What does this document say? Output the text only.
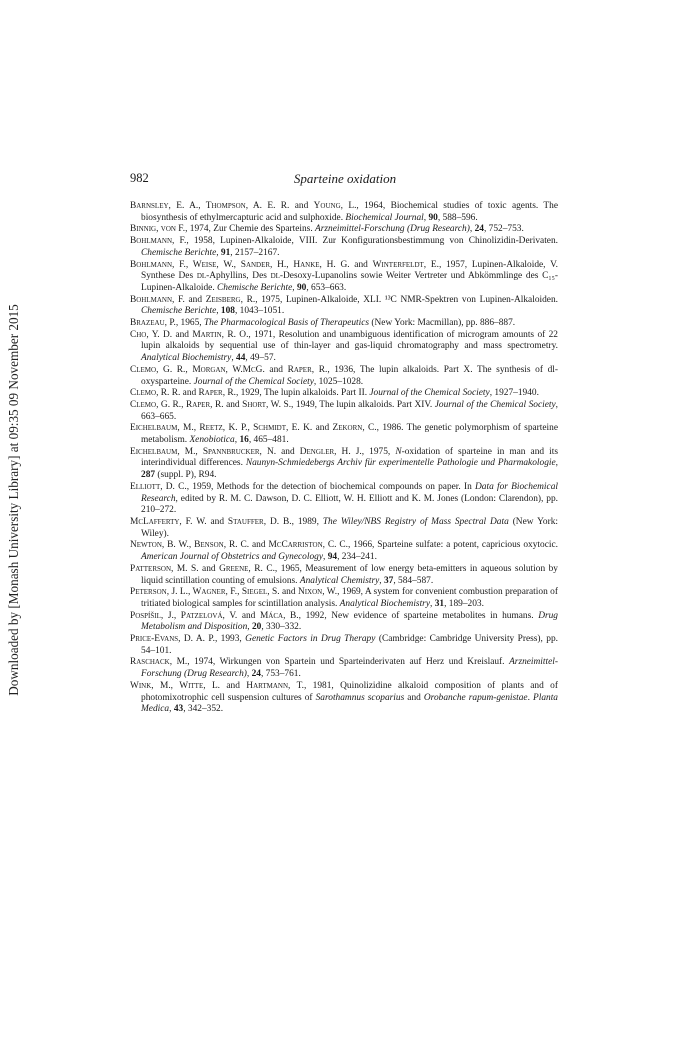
Downloaded by [Monash University Library] at 09:35 09 November 2015
982	Sparteine oxidation

Barnsley, E. A., Thompson, A. E. R. and Young, L., 1964, Biochemical studies of toxic agents. The biosynthesis of ethylmercapturic acid and sulphoxide. Biochemical Journal, 90, 588–596.

Binnig, von F., 1974, Zur Chemie des Sparteins. Arzneimittel-Forschung (Drug Research), 24, 752–753.

Bohlmann, F., 1958, Lupinen-Alkaloide, VIII. Zur Konfigurationsbestimmung von Chinolizidin-Derivaten. Chemische Berichte, 91, 2157–2167.

Bohlmann, F., Weise, W., Sander, H., Hanke, H. G. and Winterfeldt, E., 1957, Lupinen-Alkaloide, V. Synthese Des dl-Aphyllins, Des dl-Desoxy-Lupanolins sowie Weiter Vertreter und Abkömmlinge des C₁₅-Lupinen-Alkaloide. Chemische Berichte, 90, 653–663.

Bohlmann, F. and Zeisberg, R., 1975, Lupinen-Alkaloide, XLI. ¹³C NMR-Spektren von Lupinen-Alkaloiden. Chemische Berichte, 108, 1043–1051.

Brazeau, P., 1965, The Pharmacological Basis of Therapeutics (New York: Macmillan), pp. 886–887.

Cho, Y. D. and Martin, R. O., 1971, Resolution and unambiguous identification of microgram amounts of 22 lupin alkaloids by sequential use of thin-layer and gas-liquid chromatography and mass spectrometry. Analytical Biochemistry, 44, 49–57.

Clemo, G. R., Morgan, W.McG. and Raper, R., 1936, The lupin alkaloids. Part X. The synthesis of dl-oxysparteine. Journal of the Chemical Society, 1025–1028.

Clemo, R. R. and Raper, R., 1929, The lupin alkaloids. Part II. Journal of the Chemical Society, 1927–1940.

Clemo, G. R., Raper, R. and Short, W. S., 1949, The lupin alkaloids. Part XIV. Journal of the Chemical Society, 663–665.

Eichelbaum, M., Reetz, K. P., Schmidt, E. K. and Zekorn, C., 1986. The genetic polymorphism of sparteine metabolism. Xenobiotica, 16, 465–481.

Eichelbaum, M., Spannbrucker, N. and Dengler, H. J., 1975, N-oxidation of sparteine in man and its interindividual differences. Naunyn-Schmiedebergs Archiv für experimentelle Pathologie und Pharmakologie, 287 (suppl. P), R94.

Elliott, D. C., 1959, Methods for the detection of biochemical compounds on paper. In Data for Biochemical Research, edited by R. M. C. Dawson, D. C. Elliott, W. H. Elliott and K. M. Jones (London: Clarendon), pp. 210–272.

McLafferty, F. W. and Stauffer, D. B., 1989, The Wiley/NBS Registry of Mass Spectral Data (New York: Wiley).

Newton, B. W., Benson, R. C. and McCarriston, C. C., 1966, Sparteine sulfate: a potent, capricious oxytocic. American Journal of Obstetrics and Gynecology, 94, 234–241.

Patterson, M. S. and Greene, R. C., 1965, Measurement of low energy beta-emitters in aqueous solution by liquid scintillation counting of emulsions. Analytical Chemistry, 37, 584–587.

Peterson, J. L., Wagner, F., Siegel, S. and Nixon, W., 1969, A system for convenient combustion preparation of tritiated biological samples for scintillation analysis. Analytical Biochemistry, 31, 189–203.

Pospíšil, J., Patzelová, V. and Máca, B., 1992, New evidence of sparteine metabolites in humans. Drug Metabolism and Disposition, 20, 330–332.

Price-Evans, D. A. P., 1993, Genetic Factors in Drug Therapy (Cambridge: Cambridge University Press), pp. 54–101.

Raschack, M., 1974, Wirkungen von Spartein und Sparteinderivaten auf Herz und Kreislauf. Arzneimittel-Forschung (Drug Research), 24, 753–761.

Wink, M., Witte, L. and Hartmann, T., 1981, Quinolizidine alkaloid composition of plants and of photomixotrophic cell suspension cultures of Sarothamnus scoparius and Orobanche rapum-genistae. Planta Medica, 43, 342–352.
